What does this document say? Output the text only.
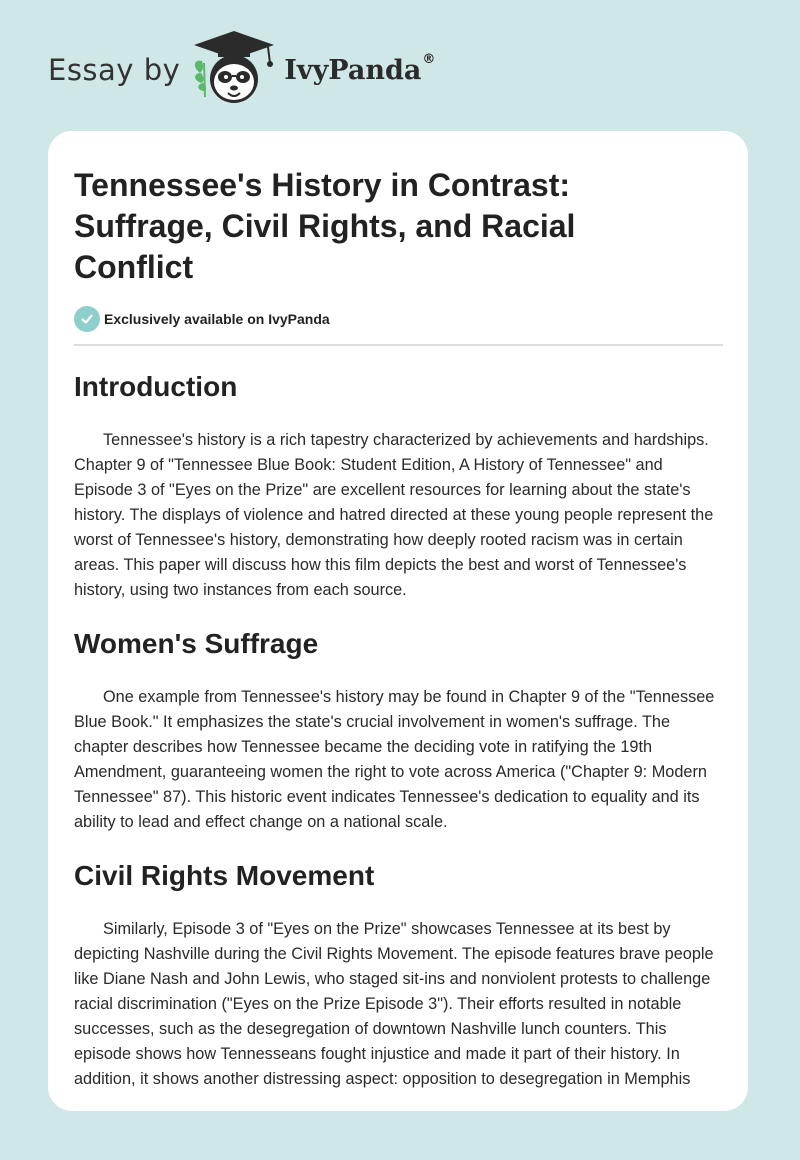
Essay by	IvyPanda®
Tennessee's History in Contrast: Suffrage, Civil Rights, and Racial Conflict
Exclusively available on IvyPanda
Introduction

Tennessee's history is a rich tapestry characterized by achievements and hardships. Chapter 9 of "Tennessee Blue Book: Student Edition, A History of Tennessee" and Episode 3 of "Eyes on the Prize" are excellent resources for learning about the state's history. The displays of violence and hatred directed at these young people represent the worst of Tennessee's history, demonstrating how deeply rooted racism was in certain areas. This paper will discuss how this film depicts the best and worst of Tennessee's history, using two instances from each source.

Women's Suffrage

One example from Tennessee's history may be found in Chapter 9 of the "Tennessee Blue Book." It emphasizes the state's crucial involvement in women's suffrage. The chapter describes how Tennessee became the deciding vote in ratifying the 19th Amendment, guaranteeing women the right to vote across America ("Chapter 9: Modern Tennessee" 87). This historic event indicates Tennessee's dedication to equality and its ability to lead and effect change on a national scale.

Civil Rights Movement

Similarly, Episode 3 of "Eyes on the Prize" showcases Tennessee at its best by depicting Nashville during the Civil Rights Movement. The episode features brave people like Diane Nash and John Lewis, who staged sit-ins and nonviolent protests to challenge racial discrimination ("Eyes on the Prize Episode 3"). Their efforts resulted in notable successes, such as the desegregation of downtown Nashville lunch counters. This episode shows how Tennesseans fought injustice and made it part of their history. In addition, it shows another distressing aspect: opposition to desegregation in Memphis
